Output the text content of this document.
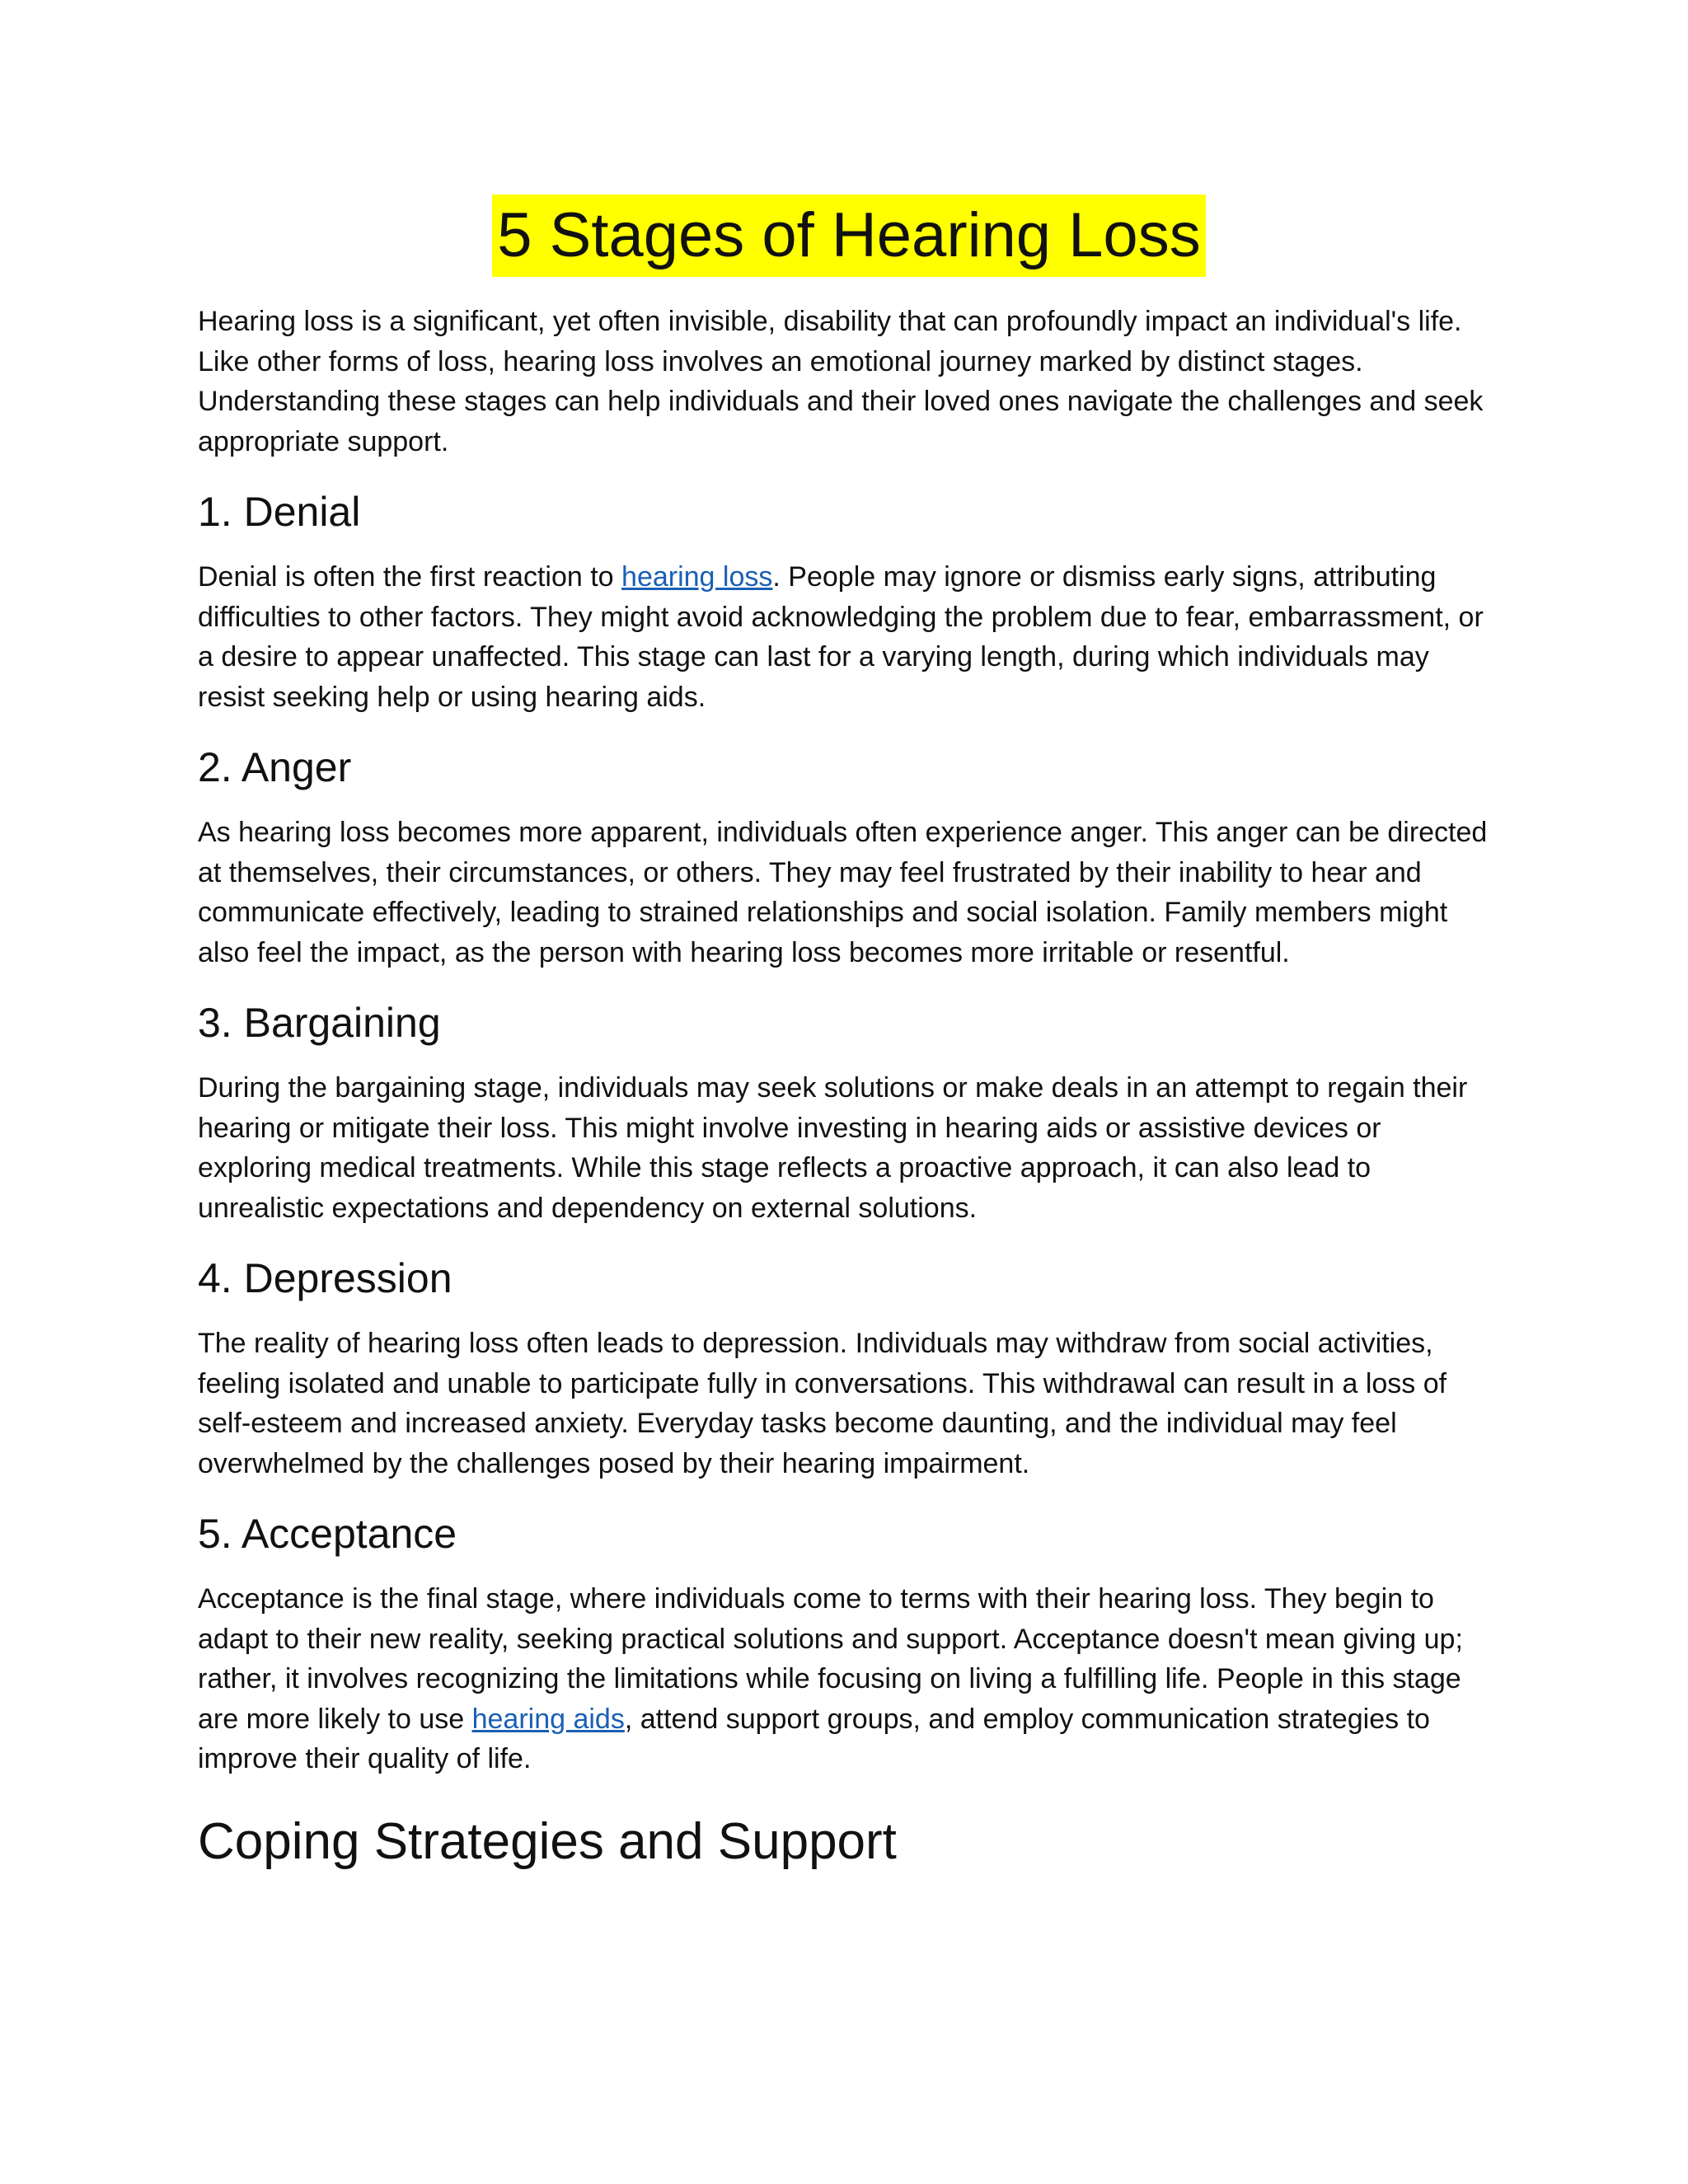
5 Stages of Hearing Loss

Hearing loss is a significant, yet often invisible, disability that can profoundly impact an individual's life. Like other forms of loss, hearing loss involves an emotional journey marked by distinct stages. Understanding these stages can help individuals and their loved ones navigate the challenges and seek appropriate support.

1. Denial

Denial is often the first reaction to hearing loss. People may ignore or dismiss early signs, attributing difficulties to other factors. They might avoid acknowledging the problem due to fear, embarrassment, or a desire to appear unaffected. This stage can last for a varying length, during which individuals may resist seeking help or using hearing aids.

2. Anger

As hearing loss becomes more apparent, individuals often experience anger. This anger can be directed at themselves, their circumstances, or others. They may feel frustrated by their inability to hear and communicate effectively, leading to strained relationships and social isolation. Family members might also feel the impact, as the person with hearing loss becomes more irritable or resentful.

3. Bargaining

During the bargaining stage, individuals may seek solutions or make deals in an attempt to regain their hearing or mitigate their loss. This might involve investing in hearing aids or assistive devices or exploring medical treatments. While this stage reflects a proactive approach, it can also lead to unrealistic expectations and dependency on external solutions.

4. Depression

The reality of hearing loss often leads to depression. Individuals may withdraw from social activities, feeling isolated and unable to participate fully in conversations. This withdrawal can result in a loss of self-esteem and increased anxiety. Everyday tasks become daunting, and the individual may feel overwhelmed by the challenges posed by their hearing impairment.

5. Acceptance

Acceptance is the final stage, where individuals come to terms with their hearing loss. They begin to adapt to their new reality, seeking practical solutions and support. Acceptance doesn't mean giving up; rather, it involves recognizing the limitations while focusing on living a fulfilling life. People in this stage are more likely to use hearing aids, attend support groups, and employ communication strategies to improve their quality of life.

Coping Strategies and Support
